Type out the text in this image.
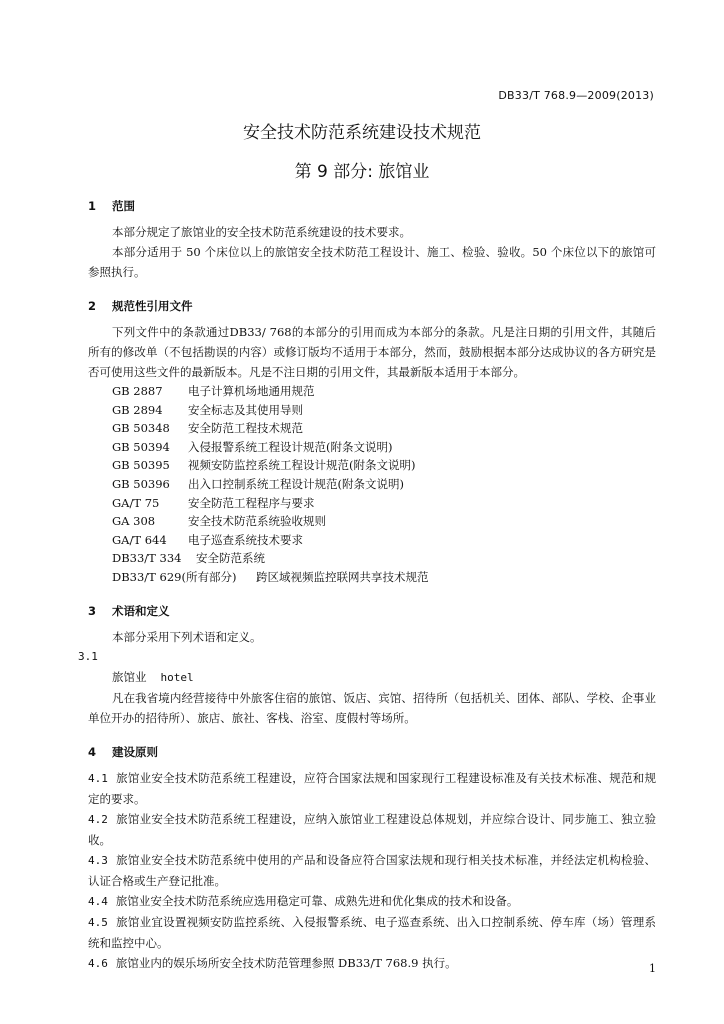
DB33/T 768.9—2009(2013)
安全技术防范系统建设技术规范
第 9 部分: 旅馆业
1 范围

本部分规定了旅馆业的安全技术防范系统建设的技术要求。

本部分适用于 50 个床位以上的旅馆安全技术防范工程设计、施工、检验、验收。50 个床位以下的旅馆可参照执行。

2 规范性引用文件

下列文件中的条款通过DB33/ 768的本部分的引用而成为本部分的条款。凡是注日期的引用文件，其随后所有的修改单（不包括勘误的内容）或修订版均不适用于本部分，然而，鼓励根据本部分达成协议的各方研究是否可使用这些文件的最新版本。凡是不注日期的引用文件，其最新版本适用于本部分。

GB 2887	电子计算机场地通用规范
GB 2894	安全标志及其使用导则
GB 50348	安全防范工程技术规范
GB 50394	入侵报警系统工程设计规范(附条文说明)
GB 50395	视频安防监控系统工程设计规范(附条文说明)
GB 50396	出入口控制系统工程设计规范(附条文说明)
GA/T 75	安全防范工程程序与要求
GA 308	安全技术防范系统验收规则
GA/T 644	电子巡查系统技术要求
DB33/T 334	安全防范系统
DB33/T 629(所有部分)	跨区域视频监控联网共享技术规范
3 术语和定义

本部分采用下列术语和定义。

3.1
旅馆业 hotel

凡在我省境内经营接待中外旅客住宿的旅馆、饭店、宾馆、招待所（包括机关、团体、部队、学校、企事业单位开办的招待所）、旅店、旅社、客栈、浴室、度假村等场所。

4 建设原则

4.1 旅馆业安全技术防范系统工程建设，应符合国家法规和国家现行工程建设标准及有关技术标准、规范和规定的要求。

4.2 旅馆业安全技术防范系统工程建设，应纳入旅馆业工程建设总体规划，并应综合设计、同步施工、独立验收。

4.3 旅馆业安全技术防范系统中使用的产品和设备应符合国家法规和现行相关技术标准，并经法定机构检验、认证合格或生产登记批准。

4.4 旅馆业安全技术防范系统应选用稳定可靠、成熟先进和优化集成的技术和设备。

4.5 旅馆业宜设置视频安防监控系统、入侵报警系统、电子巡查系统、出入口控制系统、停车库（场）管理系统和监控中心。

4.6 旅馆业内的娱乐场所安全技术防范管理参照 DB33/T 768.9 执行。	1
